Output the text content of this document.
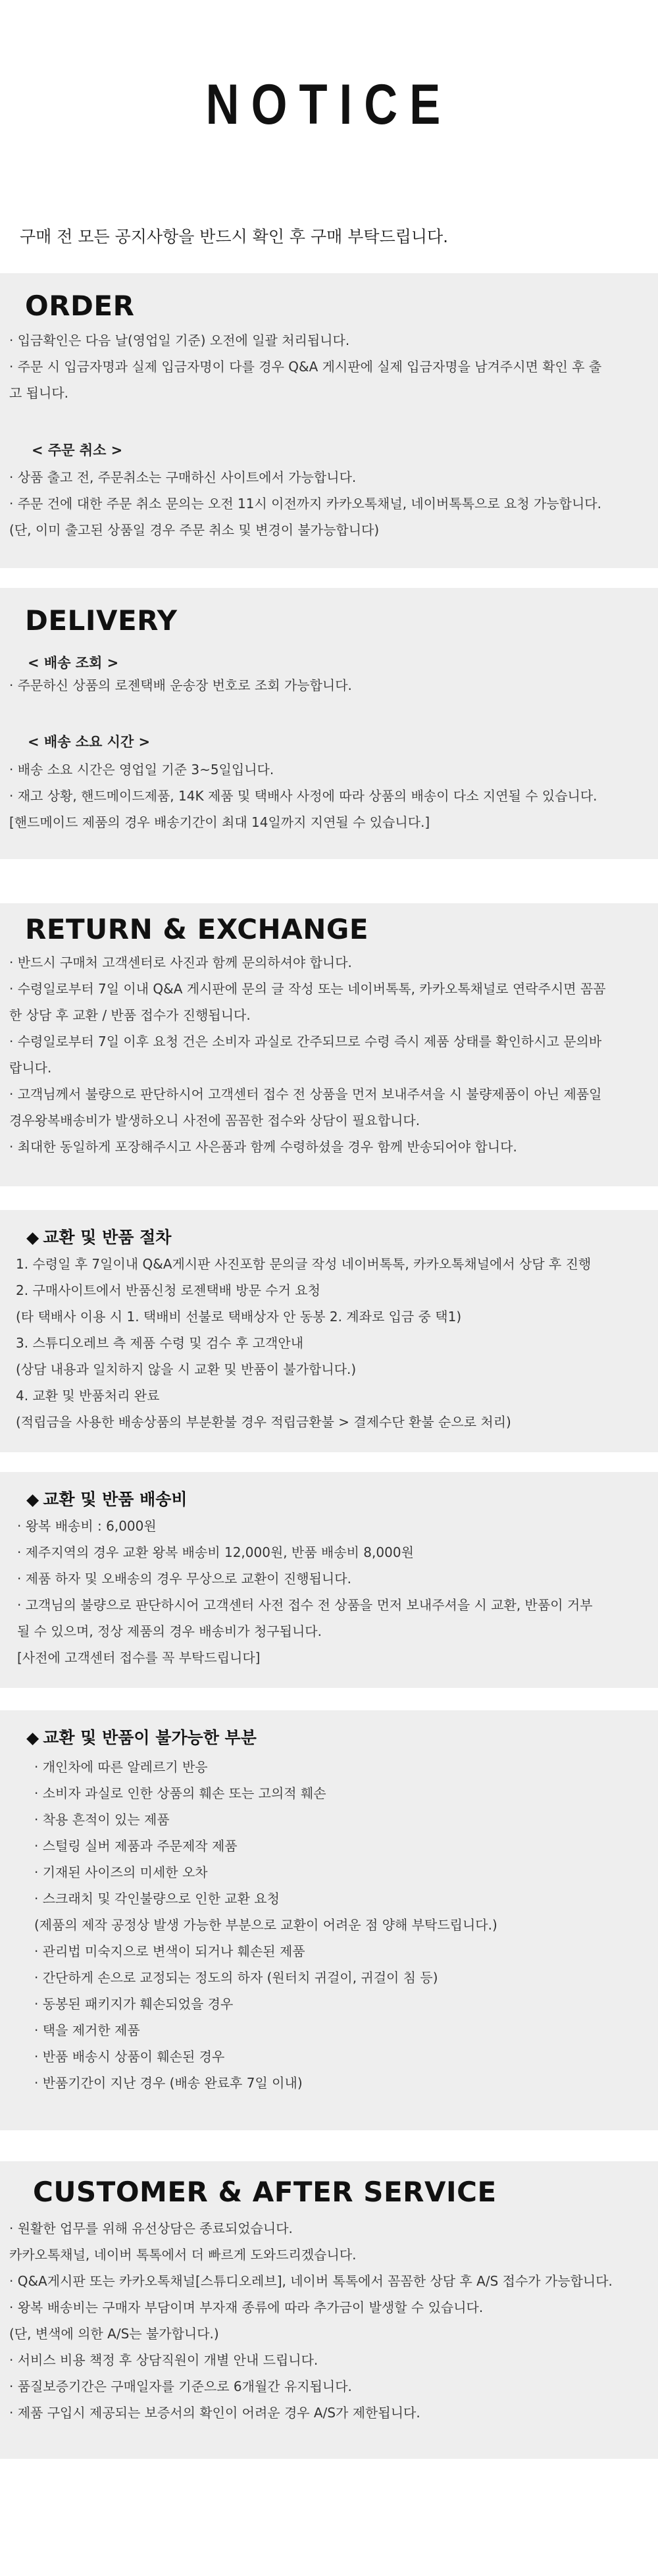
NOTICE
구매 전 모든 공지사항을 반드시 확인 후 구매 부탁드립니다.
ORDER
· 입금확인은 다음 날(영업일 기준) 오전에 일괄 처리됩니다.
· 주문 시 입금자명과 실제 입금자명이 다를 경우 Q&A 게시판에 실제 입금자명을 남겨주시면 확인 후 출
고 됩니다.
< 주문 취소 >
· 상품 출고 전, 주문취소는 구매하신 사이트에서 가능합니다.
· 주문 건에 대한 주문 취소 문의는 오전 11시 이전까지 카카오톡채널, 네이버톡톡으로 요청 가능합니다.
(단, 이미 출고된 상품일 경우 주문 취소 및 변경이 불가능합니다)
DELIVERY
< 배송 조회 >
· 주문하신 상품의 로젠택배 운송장 번호로 조회 가능합니다.
< 배송 소요 시간 >
· 배송 소요 시간은 영업일 기준 3~5일입니다.
· 재고 상황, 핸드메이드제품, 14K 제품 및 택배사 사정에 따라 상품의 배송이 다소 지연될 수 있습니다.
[핸드메이드 제품의 경우 배송기간이 최대 14일까지 지연될 수 있습니다.]
RETURN & EXCHANGE
· 반드시 구매처 고객센터로 사진과 함께 문의하셔야 합니다.
· 수령일로부터 7일 이내 Q&A 게시판에 문의 글 작성 또는 네이버톡톡, 카카오톡채널로 연락주시면 꼼꼼
한 상담 후 교환 / 반품 접수가 진행됩니다.
· 수령일로부터 7일 이후 요청 건은 소비자 과실로 간주되므로 수령 즉시 제품 상태를 확인하시고 문의바
랍니다.
· 고객님께서 불량으로 판단하시어 고객센터 접수 전 상품을 먼저 보내주셔을 시 불량제품이 아닌 제품일
경우왕복배송비가 발생하오니 사전에 꼼꼼한 접수와 상담이 필요합니다.
· 최대한 동일하게 포장해주시고 사은품과 함께 수령하셨을 경우 함께 반송되어야 합니다.
◆ 교환 및 반품 절차
1. 수령일 후 7일이내 Q&A게시판 사진포함 문의글 작성 네이버톡톡, 카카오톡채널에서 상담 후 진행
2. 구매사이트에서 반품신청 로젠택배 방문 수거 요청
(타 택배사 이용 시 1. 택배비 선불로 택배상자 안 동봉 2. 계좌로 입금 중 택1)
3. 스튜디오레브 측 제품 수령 및 검수 후 고객안내
(상담 내용과 일치하지 않을 시 교환 및 반품이 불가합니다.)
4. 교환 및 반품처리 완료
(적립금을 사용한 배송상품의 부분환불 경우 적립금환불 > 결제수단 환불 순으로 처리)
◆ 교환 및 반품 배송비
· 왕복 배송비 : 6,000원
· 제주지역의 경우 교환 왕복 배송비 12,000원, 반품 배송비 8,000원
· 제품 하자 및 오배송의 경우 무상으로 교환이 진행됩니다.
· 고객님의 불량으로 판단하시어 고객센터 사전 접수 전 상품을 먼저 보내주셔을 시 교환, 반품이 거부
될 수 있으며, 정상 제품의 경우 배송비가 청구됩니다.
[사전에 고객센터 접수를 꼭 부탁드립니다]
◆ 교환 및 반품이 불가능한 부분
· 개인차에 따른 알레르기 반응
· 소비자 과실로 인한 상품의 훼손 또는 고의적 훼손
· 착용 흔적이 있는 제품
· 스털링 실버 제품과 주문제작 제품
· 기재된 사이즈의 미세한 오차
· 스크래치 및 각인불량으로 인한 교환 요청
(제품의 제작 공정상 발생 가능한 부분으로 교환이 어려운 점 양해 부탁드립니다.)
· 관리법 미숙지으로 변색이 되거나 훼손된 제품
· 간단하게 손으로 교정되는 정도의 하자 (원터치 귀걸이, 귀걸이 침 등)
· 동봉된 패키지가 훼손되었을 경우
· 택을 제거한 제품
· 반품 배송시 상품이 훼손된 경우
· 반품기간이 지난 경우 (배송 완료후 7일 이내)
CUSTOMER & AFTER SERVICE
· 원활한 업무를 위해 유선상담은 종료되었습니다.
카카오톡채널, 네이버 톡톡에서 더 빠르게 도와드리겠습니다.
· Q&A게시판 또는 카카오톡채널[스튜디오레브], 네이버 톡톡에서 꼼꼼한 상담 후 A/S 접수가 가능합니다.
· 왕복 배송비는 구매자 부담이며 부자재 종류에 따라 추가금이 발생할 수 있습니다.
(단, 변색에 의한 A/S는 불가합니다.)
· 서비스 비용 책정 후 상담직원이 개별 안내 드립니다.
· 품질보증기간은 구매일자를 기준으로 6개월간 유지됩니다.
· 제품 구입시 제공되는 보증서의 확인이 어려운 경우 A/S가 제한됩니다.
